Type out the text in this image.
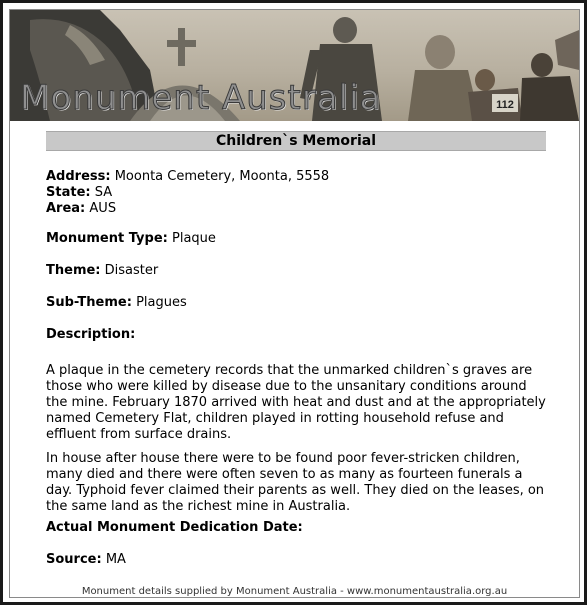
112
Monument Australia
Children`s Memorial
Address: Moonta Cemetery, Moonta, 5558
State: SA
Area: AUS
Monument Type: Plaque
Theme: Disaster
Sub-Theme: Plagues
Description:

A plaque in the cemetery records that the unmarked children`s graves are those who were killed by disease due to the unsanitary conditions around the mine. February 1870 arrived with heat and dust and at the appropriately named Cemetery Flat, children played in rotting household refuse and effluent from surface drains.

In house after house there were to be found poor fever-stricken children, many died and there were often seven to as many as fourteen funerals a day. Typhoid fever claimed their parents as well. They died on the leases, on the same land as the richest mine in Australia.

Actual Monument Dedication Date:
Source: MA
Monument details supplied by Monument Australia - www.monumentaustralia.org.au
